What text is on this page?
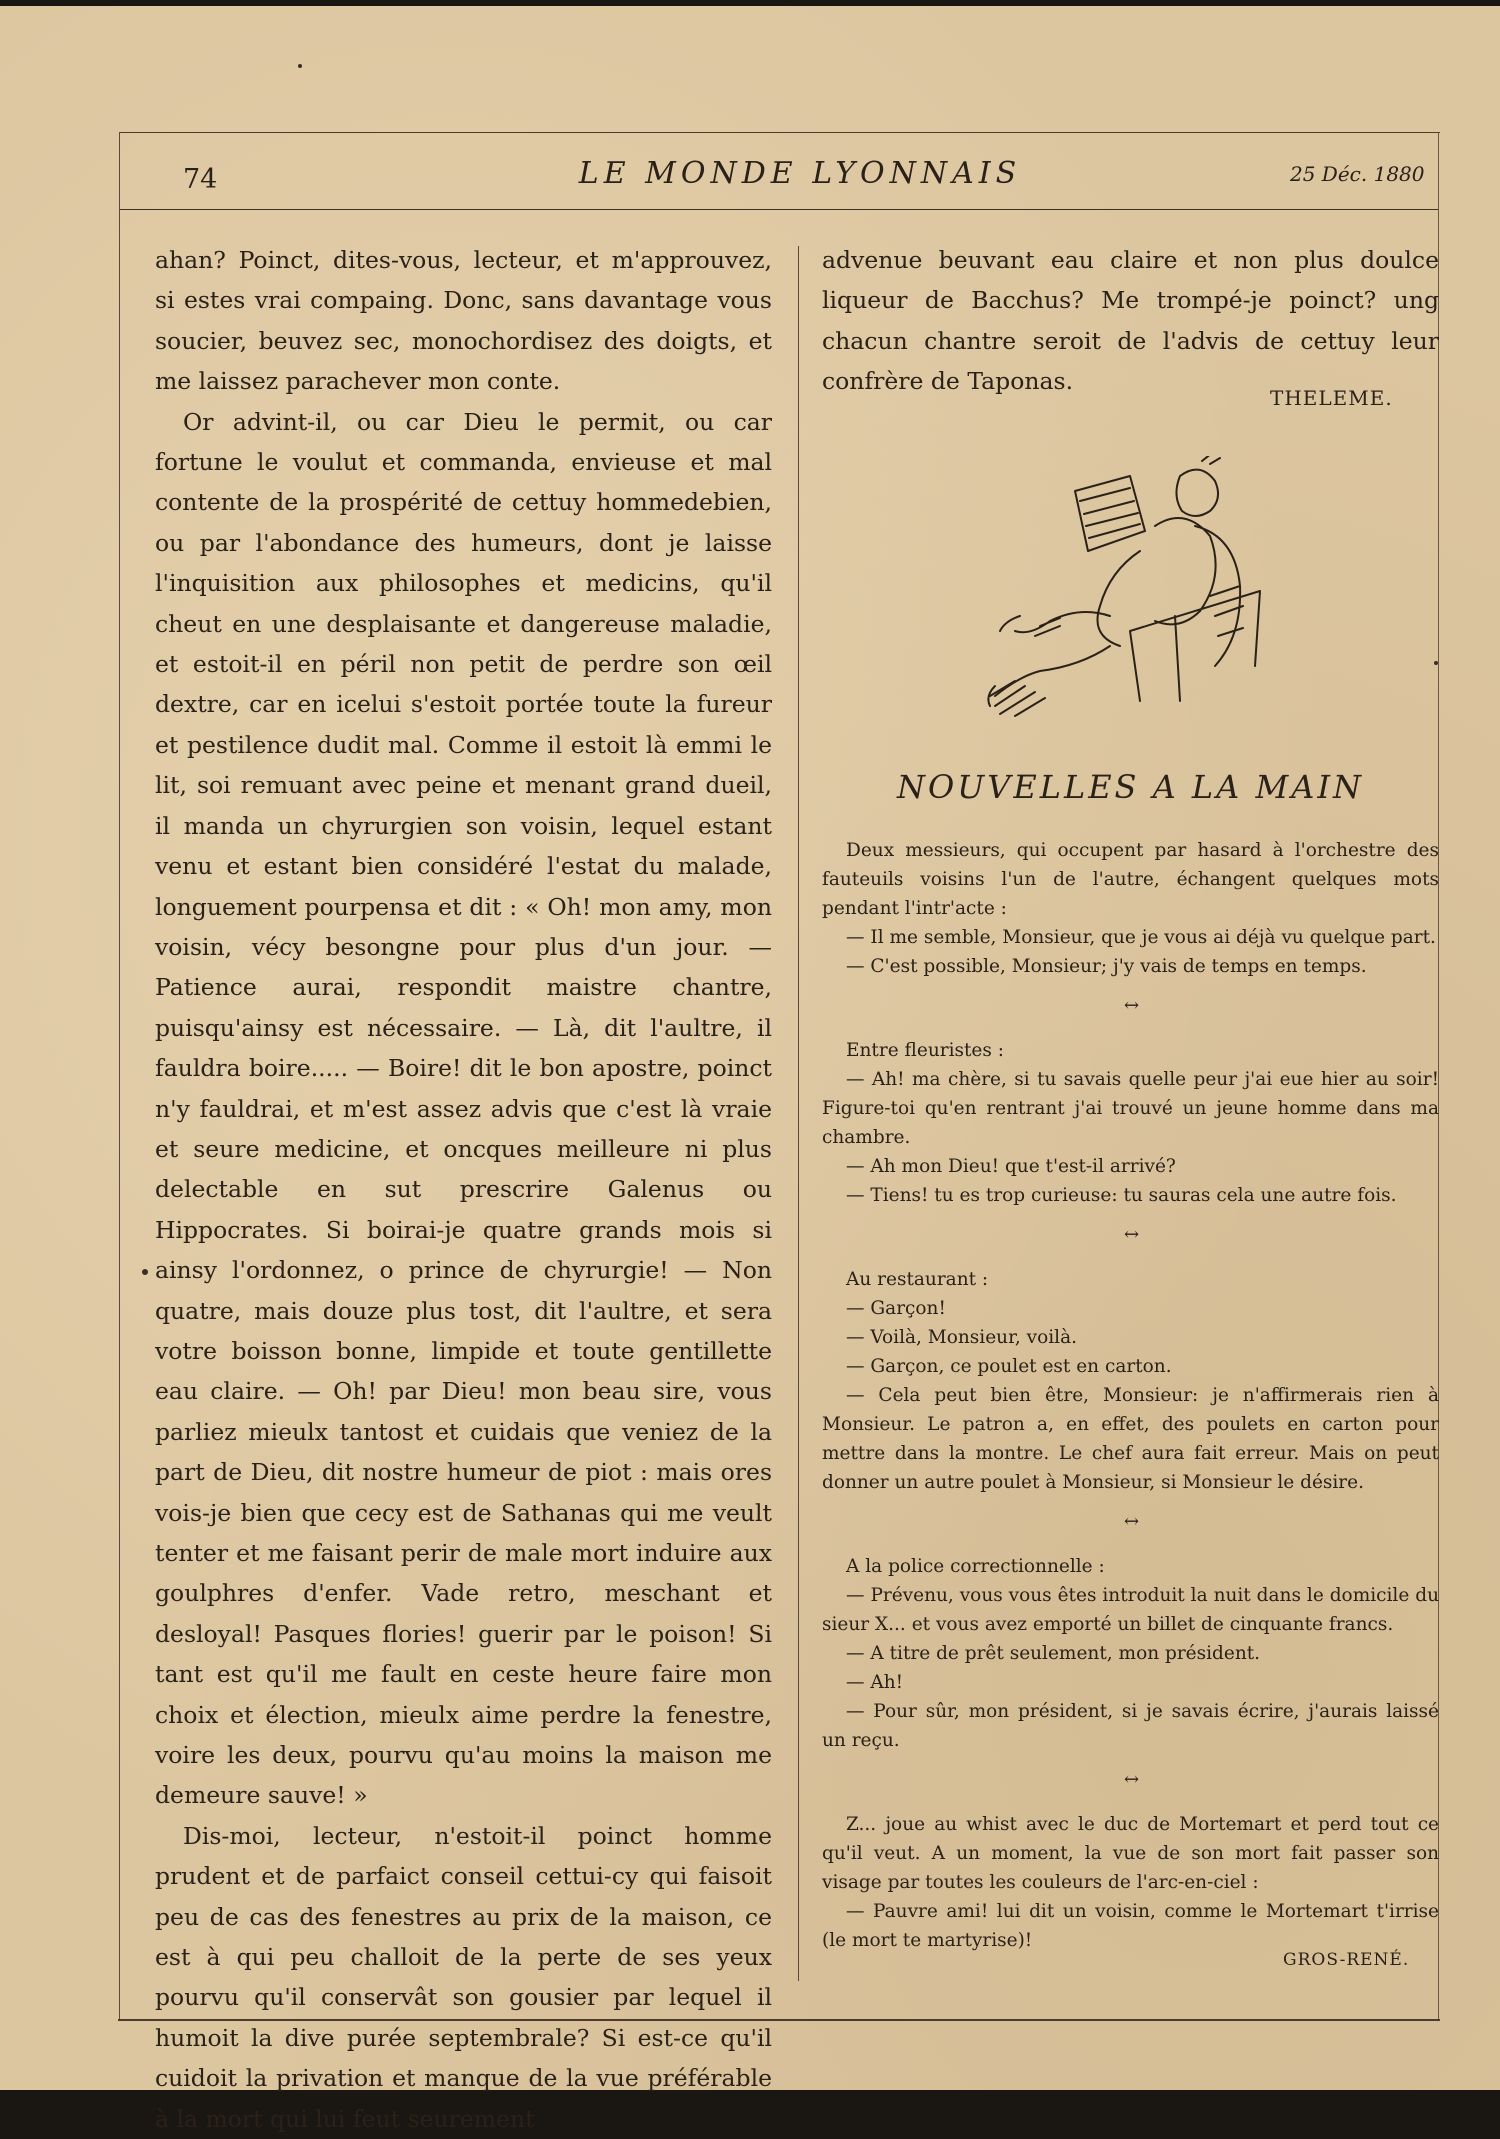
74	LE MONDE LYONNAIS	25 Déc. 1880

ahan? Poinct, dites-vous, lecteur, et m'approuvez, si estes vrai compaing. Donc, sans davantage vous soucier, beuvez sec, monochordisez des doigts, et me laissez parachever mon conte.

Or advint-il, ou car Dieu le permit, ou car fortune le voulut et commanda, envieuse et mal contente de la prospérité de cettuy hommedebien, ou par l'abondance des humeurs, dont je laisse l'inquisition aux philosophes et medicins, qu'il cheut en une desplaisante et dangereuse maladie, et estoit-il en péril non petit de perdre son œil dextre, car en icelui s'estoit portée toute la fureur et pestilence dudit mal. Comme il estoit là emmi le lit, soi remuant avec peine et menant grand dueil, il manda un chyrurgien son voisin, lequel estant venu et estant bien considéré l'estat du malade, longuement pourpensa et dit : « Oh! mon amy, mon voisin, vécy besongne pour plus d'un jour. — Patience aurai, respondit maistre chantre, puisqu'ainsy est nécessaire. — Là, dit l'aultre, il fauldra boire..... — Boire! dit le bon apostre, poinct n'y fauldrai, et m'est assez advis que c'est là vraie et seure medicine, et oncques meilleure ni plus delectable en sut prescrire Galenus ou Hippocrates. Si boirai-je quatre grands mois si ainsy l'ordonnez, o prince de chyrurgie! — Non quatre, mais douze plus tost, dit l'aultre, et sera votre boisson bonne, limpide et toute gentillette eau claire. — Oh! par Dieu! mon beau sire, vous parliez mieulx tantost et cuidais que veniez de la part de Dieu, dit nostre humeur de piot : mais ores vois-je bien que cecy est de Sathanas qui me veult tenter et me faisant perir de male mort induire aux goulphres d'enfer. Vade retro, meschant et desloyal! Pasques flories! guerir par le poison! Si tant est qu'il me fault en ceste heure faire mon choix et élection, mieulx aime perdre la fenestre, voire les deux, pourvu qu'au moins la maison me demeure sauve! »

Dis-moi, lecteur, n'estoit-il poinct homme prudent et de parfaict conseil cettui-cy qui faisoit peu de cas des fenestres au prix de la maison, ce est à qui peu challoit de la perte de ses yeux pourvu qu'il conservât son gousier par lequel il humoit la dive purée septembrale? Si est-ce qu'il cuidoit la privation et manque de la vue préférable à la mort qui lui feut seurement

advenue beuvant eau claire et non plus doulce liqueur de Bacchus? Me trompé-je poinct? ung chacun chantre seroit de l'advis de cettuy leur confrère de Taponas.

THELEME.
NOUVELLES A LA MAIN

Deux messieurs, qui occupent par hasard à l'orchestre des fauteuils voisins l'un de l'autre, échangent quelques mots pendant l'intr'acte :

— Il me semble, Monsieur, que je vous ai déjà vu quelque part.

— C'est possible, Monsieur; j'y vais de temps en temps.

↔

Entre fleuristes :

— Ah! ma chère, si tu savais quelle peur j'ai eue hier au soir! Figure-toi qu'en rentrant j'ai trouvé un jeune homme dans ma chambre.

— Ah mon Dieu! que t'est-il arrivé?

— Tiens! tu es trop curieuse: tu sauras cela une autre fois.

↔

Au restaurant :

— Garçon!

— Voilà, Monsieur, voilà.

— Garçon, ce poulet est en carton.

— Cela peut bien être, Monsieur: je n'affirmerais rien à Monsieur. Le patron a, en effet, des poulets en carton pour mettre dans la montre. Le chef aura fait erreur. Mais on peut donner un autre poulet à Monsieur, si Monsieur le désire.

↔

A la police correctionnelle :

— Prévenu, vous vous êtes introduit la nuit dans le domicile du sieur X... et vous avez emporté un billet de cinquante francs.

— A titre de prêt seulement, mon président.

— Ah!

— Pour sûr, mon président, si je savais écrire, j'aurais laissé un reçu.

↔

Z... joue au whist avec le duc de Mortemart et perd tout ce qu'il veut. A un moment, la vue de son mort fait passer son visage par toutes les couleurs de l'arc-en-ciel :

— Pauvre ami! lui dit un voisin, comme le Mortemart t'irrise (le mort te martyrise)!

GROS-RENÉ.
